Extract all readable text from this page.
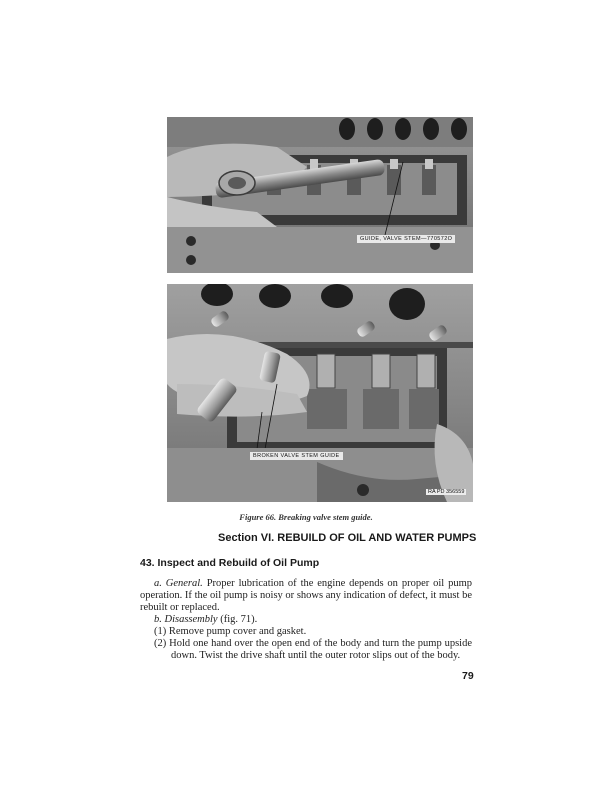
GUIDE, VALVE STEM—770572O
BROKEN VALVE STEM GUIDE
RA PD 356559
Figure 66. Breaking valve stem guide.
Section VI. REBUILD OF OIL AND WATER PUMPS
43. Inspect and Rebuild of Oil Pump
a. General. Proper lubrication of the engine depends on proper oil pump operation. If the oil pump is noisy or shows any indication of defect, it must be rebuilt or replaced.
b. Disassembly (fig. 71).
(1) Remove pump cover and gasket.
(2) Hold one hand over the open end of the body and turn the pump upside down. Twist the drive shaft until the outer rotor slips out of the body.
79
